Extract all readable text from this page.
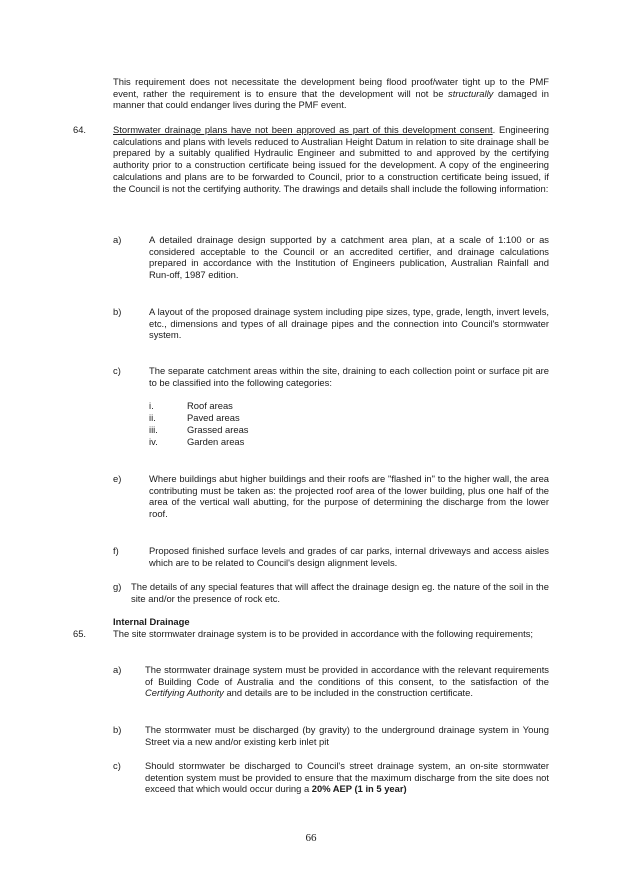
This requirement does not necessitate the development being flood proof/water tight up to the PMF event, rather the requirement is to ensure that the development will not be structurally damaged in manner that could endanger lives during the PMF event.
64.	Stormwater drainage plans have not been approved as part of this development consent. Engineering calculations and plans with levels reduced to Australian Height Datum in relation to site drainage shall be prepared by a suitably qualified Hydraulic Engineer and submitted to and approved by the certifying authority prior to a construction certificate being issued for the development. A copy of the engineering calculations and plans are to be forwarded to Council, prior to a construction certificate being issued, if the Council is not the certifying authority. The drawings and details shall include the following information:
a)	A detailed drainage design supported by a catchment area plan, at a scale of 1:100 or as considered acceptable to the Council or an accredited certifier, and drainage calculations prepared in accordance with the Institution of Engineers publication, Australian Rainfall and Run-off, 1987 edition.
b)	A layout of the proposed drainage system including pipe sizes, type, grade, length, invert levels, etc., dimensions and types of all drainage pipes and the connection into Council's stormwater system.
c)	The separate catchment areas within the site, draining to each collection point or surface pit are to be classified into the following categories:
i.	Roof areas
ii.	Paved areas
iii.	Grassed areas
iv.	Garden areas
e)	Where buildings abut higher buildings and their roofs are "flashed in" to the higher wall, the area contributing must be taken as: the projected roof area of the lower building, plus one half of the area of the vertical wall abutting, for the purpose of determining the discharge from the lower roof.
f)	Proposed finished surface levels and grades of car parks, internal driveways and access aisles which are to be related to Council's design alignment levels.
g) The details of any special features that will affect the drainage design eg. the nature of the soil in the site and/or the presence of rock etc.
Internal Drainage
65.	The site stormwater drainage system is to be provided in accordance with the following requirements;
a)	The stormwater drainage system must be provided in accordance with the relevant requirements of Building Code of Australia and the conditions of this consent, to the satisfaction of the Certifying Authority and details are to be included in the construction certificate.
b)	The stormwater must be discharged (by gravity) to the underground drainage system in Young Street via a new and/or existing kerb inlet pit
c)	Should stormwater be discharged to Council's street drainage system, an on-site stormwater detention system must be provided to ensure that the maximum discharge from the site does not exceed that which would occur during a 20% AEP (1 in 5 year)
66
